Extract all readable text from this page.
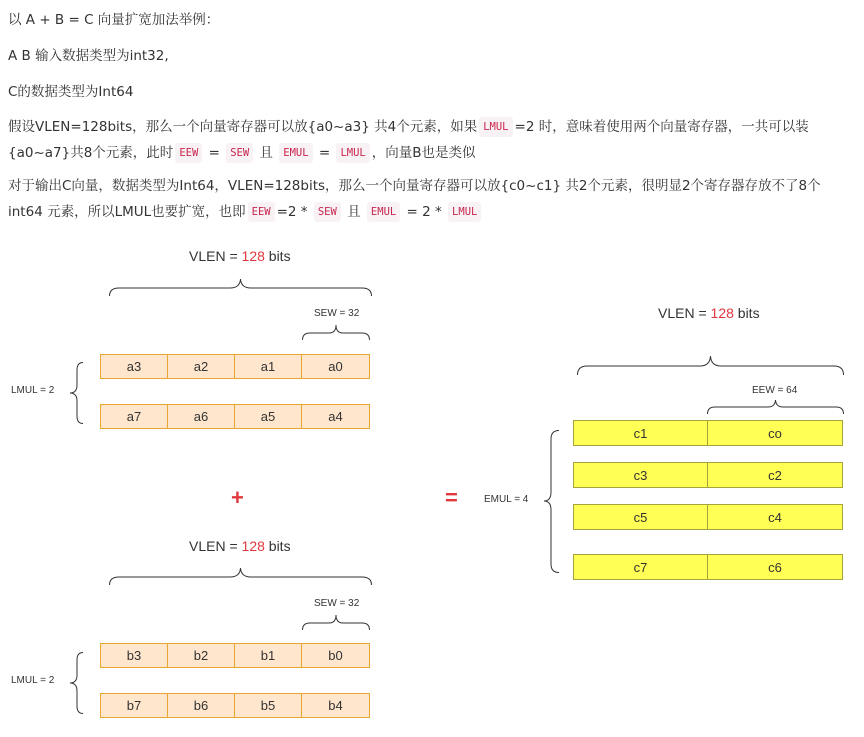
以 A + B = C 向量扩宽加法举例：
A B 输入数据类型为int32,
C的数据类型为Int64
假设VLEN=128bits，那么一个向量寄存器可以放{a0~a3} 共4个元素，如果 LMUL =2 时，意味着使用两个向量寄存器，一共可以装
{a0~a7}共8个元素，此时 EEW = SEW 且 EMUL = LMUL ，向量B也是类似
对于输出C向量，数据类型为Int64，VLEN=128bits，那么一个向量寄存器可以放{c0~c1} 共2个元素，很明显2个寄存器存放不了8个
int64 元素，所以LMUL也要扩宽，也即 EEW =2 * SEW 且 EMUL = 2 * LMUL
VLEN = 128 bits
SEW = 32
LMUL = 2
a3	a2	a1	a0
a7	a6	a5	a4
+
VLEN = 128 bits
SEW = 32
LMUL = 2
b3	b2	b1	b0
b7	b6	b5	b4
=
VLEN = 128 bits
EEW = 64
EMUL = 4
c1	co
c3	c2
c5	c4
c7	c6
